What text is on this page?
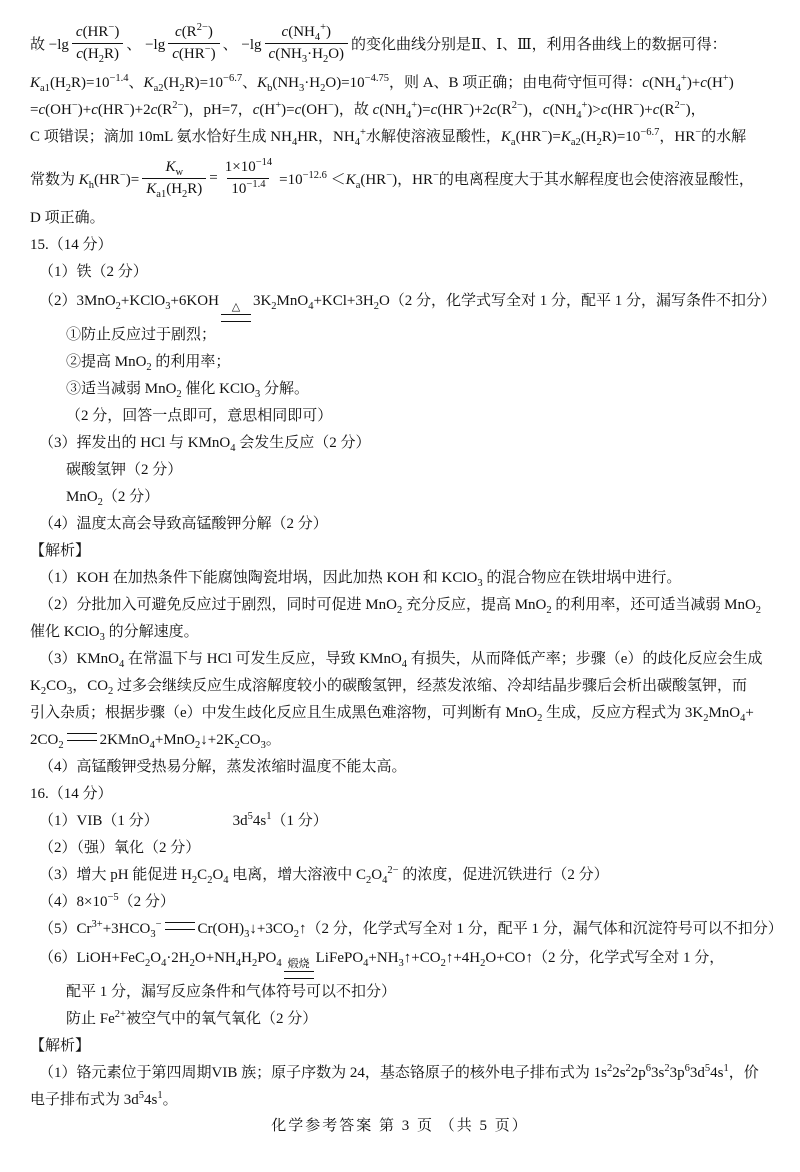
故 $-\lg \frac{c(HR^-)}{c(H_2R)}$ 、 $-\lg \frac{c(R^{2-})}{c(HR^-)}$ 、 $-\lg \frac{c(NH_4^+)}{c(NH_3\cdot H_2O)}$ 的变化曲线分别是Ⅱ、Ⅰ、Ⅲ，利用各曲线上的数据可得：
$K_{a1}(H_2R)=10^{-1.4}$、$K_{a2}(H_2R)=10^{-6.7}$、$K_b(NH_3\cdot H_2O)=10^{-4.75}$，则 A、B 项正确；由电荷守恒可得：$c(NH_4^+)+c(H^+)$
$=c(OH^-)+c(HR^-)+2c(R^{2-})$，pH=7，c(H+)=c(OH−)，故 $c(NH_4^+)=c(HR^-)+2c(R^{2-})$，$c(NH_4^+)>c(HR^-)+c(R^{2-})$，
C 项错误；滴加 10mL 氨水恰好生成 $NH_4HR$，$NH_4^+$水解使溶液显酸性，$K_a(HR^-)=K_{a2}(H_2R)=10^{-6.7}$，HR−的水解
常数为 $K_h(HR^-)= \frac{K_w}{K_{a1}(H_2R)} = \frac{1\times 10^{-14}}{10^{-1.4}} =10^{-12.6} <K_a(HR^-)$，HR−的电离程度大于其水解程度也会使溶液显酸性，
D 项正确。
15.（14 分）
（1）铁（2 分）
（2）3MnO$_2$+KClO$_3$+6KOH △ $3K_2MnO_4+KCl+3H_2O(2$ 分，化学式写全对 1 分，配平 1 分，漏写条件不扣分）
①防止反应过于剧烈；
②提高 MnO$_2$ 的利用率；
③适当减弱 MnO$_2$ 催化 KClO$_3$ 分解。
（2 分，回答一点即可，意思相同即可）
（3）挥发出的 HCl 与 KMnO$_4$ 会发生反应（2 分）
碳酸氢钾（2 分）
MnO$_2$（2 分）
（4）温度太高会导致高锰酸钾分解（2 分）
【解析】
（1）KOH 在加热条件下能腐蚀陶瓷坩埚，因此加热 KOH 和 KClO$_3$ 的混合物应在铁坩埚中进行。
（2）分批加入可避免反应过于剧烈，同时可促进 MnO$_2$ 充分反应，提高 MnO$_2$ 的利用率，还可适当减弱 MnO$_2$
催化 KClO$_3$ 的分解速度。
（3）KMnO$_4$ 在常温下与 HCl 可发生反应，导致 KMnO$_4$ 有损失，从而降低产率；步骤（e）的歧化反应会生成
$K_2CO_3$，$CO_2$ 过多会继续反应生成溶解度较小的碳酸氢钾，经蒸发浓缩、冷却结晶步骤后会析出碳酸氢钾，而
引入杂质；根据步骤（e）中发生歧化反应且生成黑色难溶物，可判断有 MnO$_2$ 生成，反应方程式为 $3K_2MnO_4+$
$2CO_2$ $2KMnO_4+MnO_2↓+2K_2CO_3$。
（4）高锰酸钾受热易分解，蒸发浓缩时温度不能太高。
16.（14 分）
（1）VIB（1 分）	$3d^54s^1(1$ 分）
（2）（强）氧化（2 分）
（3）增大 pH 能促进 $H_2C_2O_4$ 电离，增大溶液中 $C_2O_4^{2-}$ 的浓度，促进沉铁进行（2 分）
$(4)8\times 10^{-5}(2$ 分）
$(5)Cr^{3+}+3HCO_3^-$ $Cr(OH)_3↓+3CO_2↑(2$ 分，化学式写全对 1 分，配平 1 分，漏气体和沉淀符号可以不扣分）
$(6)LiOH+FeC_2O_4\cdot 2H_2O+NH_4H_2PO_4$ 煅烧 $LiFePO_4+NH_3↑+CO_2↑+4H_2O+CO↑(2$ 分，化学式写全对 1 分，
配平 1 分，漏写反应条件和气体符号可以不扣分）
防止 $Fe^{2+}$被空气中的氧气氧化（2 分）
【解析】
（1）铬元素位于第四周期VIB 族；原子序数为 24，基态铬原子的核外电子排布式为 $1s^22s^22p^63s^23p^63d^54s^1$，价
电子排布式为 $3d^54s^1$。
化学参考答案 第 3 页 （共 5 页）
